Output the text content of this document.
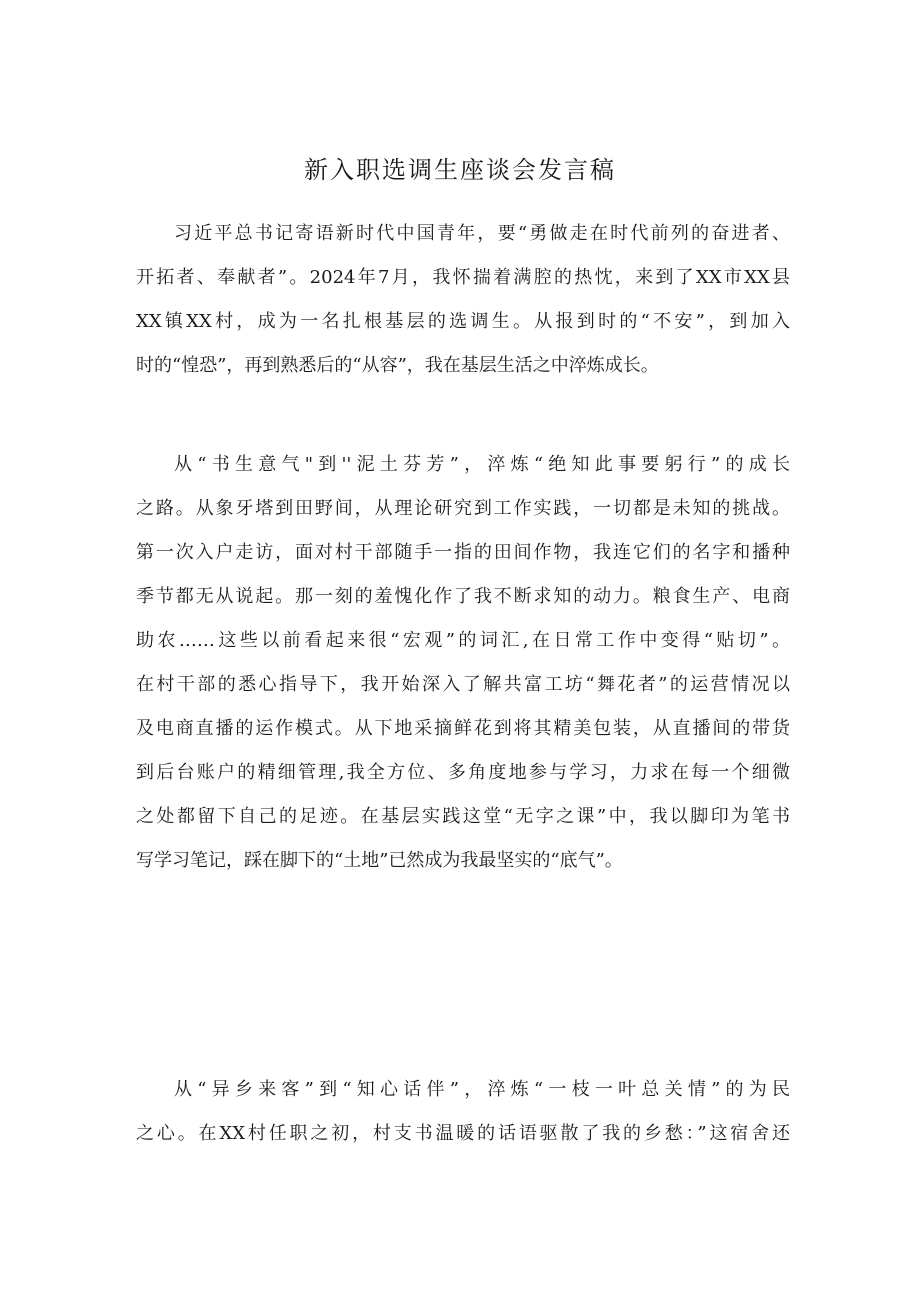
新入职选调生座谈会发言稿
习近平总书记寄语新时代中国青年，要“勇做走在时代前列的奋进者、
开拓者、奉献者”。2024年7月，我怀揣着满腔的热忱，来到了XX市XX县
XX镇XX村，成为一名扎根基层的选调生。从报到时的“不安”，到加入
时的“惶恐”，再到熟悉后的“从容”，我在基层生活之中淬炼成长。
从“书生意气"到''泥土芬芳”，淬炼“绝知此事要躬行”的成长
之路。从象牙塔到田野间，从理论研究到工作实践，一切都是未知的挑战。
第一次入户走访，面对村干部随手一指的田间作物，我连它们的名字和播种
季节都无从说起。那一刻的羞愧化作了我不断求知的动力。粮食生产、电商
助农……这些以前看起来很“宏观”的词汇,在日常工作中变得“贴切”。
在村干部的悉心指导下，我开始深入了解共富工坊“舞花者”的运营情况以
及电商直播的运作模式。从下地采摘鲜花到将其精美包装，从直播间的带货
到后台账户的精细管理,我全方位、多角度地参与学习，力求在每一个细微
之处都留下自己的足迹。在基层实践这堂“无字之课”中，我以脚印为笔书
写学习笔记，踩在脚下的“土地”已然成为我最坚实的“底气”。
从“异乡来客”到“知心话伴”，淬炼“一枝一叶总关情”的为民
之心。在XX村任职之初，村支书温暖的话语驱散了我的乡愁：”这宿舍还
